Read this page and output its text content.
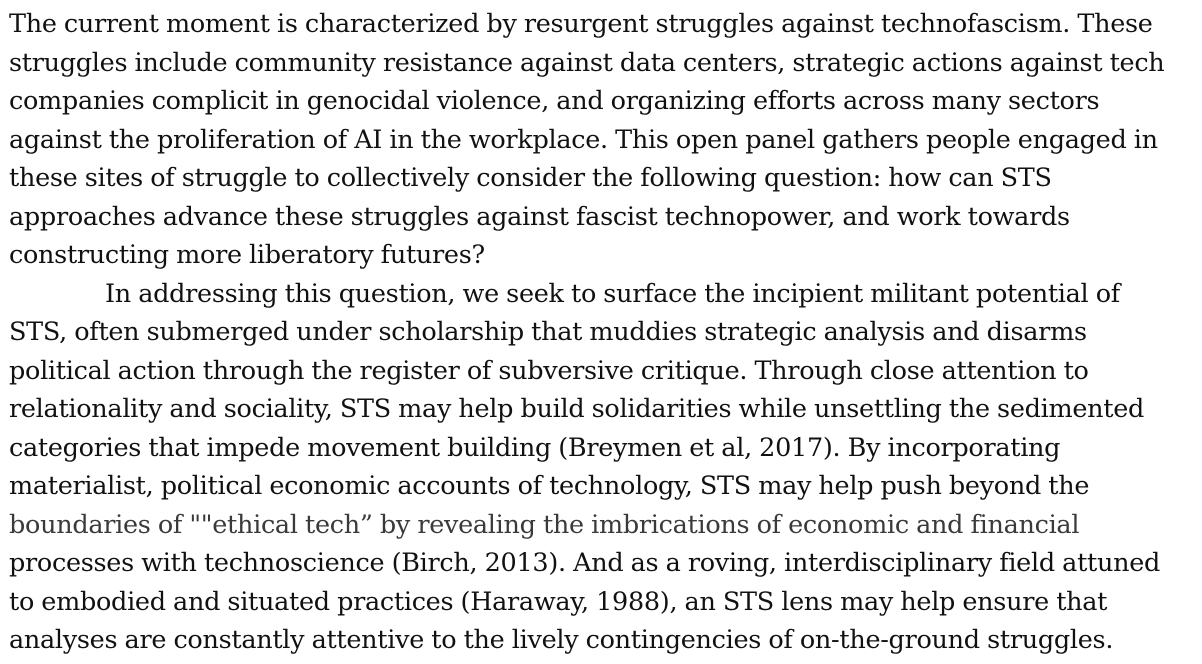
The current moment is characterized by resurgent struggles against technofascism. These
struggles include community resistance against data centers, strategic actions against tech
companies complicit in genocidal violence, and organizing efforts across many sectors
against the proliferation of AI in the workplace. This open panel gathers people engaged in
these sites of struggle to collectively consider the following question: how can STS
approaches advance these struggles against fascist technopower, and work towards
constructing more liberatory futures?
In addressing this question, we seek to surface the incipient militant potential of
STS, often submerged under scholarship that muddies strategic analysis and disarms
political action through the register of subversive critique. Through close attention to
relationality and sociality, STS may help build solidarities while unsettling the sedimented
categories that impede movement building (Breymen et al, 2017). By incorporating
materialist, political economic accounts of technology, STS may help push beyond the
boundaries of ""ethical tech” by revealing the imbrications of economic and financial
processes with technoscience (Birch, 2013). And as a roving, interdisciplinary field attuned
to embodied and situated practices (Haraway, 1988), an STS lens may help ensure that
analyses are constantly attentive to the lively contingencies of on-the-ground struggles.
